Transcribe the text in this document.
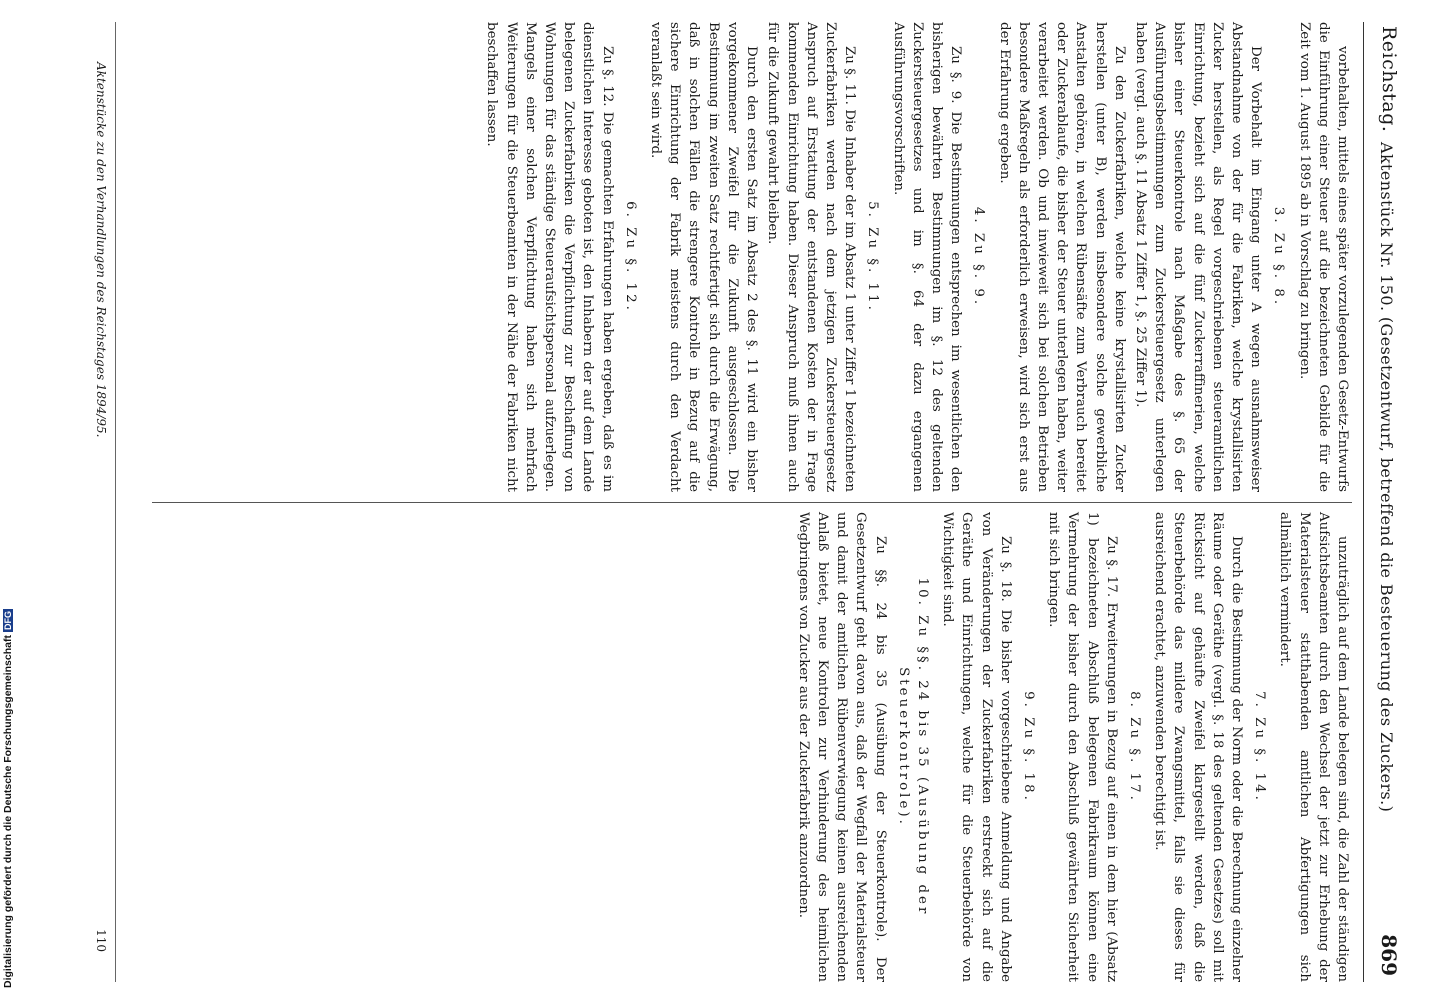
Reichstag.
Aktenstück Nr. 150. (Gesetzentwurf, betreffend die Besteuerung des Zuckers.)
869

vorbehalten, mittels eines später vorzulegenden Gesetz-Entwurfs die Einführung einer Steuer auf die bezeichneten Gebilde für die Zeit vom 1. August 1895 ab in Vorschlag zu bringen.

3. Zu §. 8.

Der Vorbehalt im Eingang unter A wegen ausnahmsweiser Abstandnahme von der für die Fabriken, welche krystallisirten Zucker herstellen, als Regel vorgeschriebenen steueramtlichen Einrichtung, bezieht sich auf die fünf Zuckerraffinerien, welche bisher einer Steuerkontrole nach Maßgabe des §. 65 der Ausführungsbestimmungen zum Zuckersteuergesetz unterlegen haben (vergl. auch §. 11 Absatz 1 Ziffer 1, §. 25 Ziffer 1).

Zu den Zuckerfabriken, welche keine krystallisirten Zucker herstellen (unter B), werden insbesondere solche gewerbliche Anstalten gehören, in welchen Rübensäfte zum Verbrauch bereitet oder Zuckerablaufe, die bisher der Steuer unterlegen haben, weiter verarbeitet werden. Ob und inwieweit sich bei solchen Betrieben besondere Maßregeln als erforderlich erweisen, wird sich erst aus der Erfahrung ergeben.

4. Zu §. 9.

Zu §. 9. Die Bestimmungen entsprechen im wesentlichen den bisherigen bewährten Bestimmungen im §. 12 des geltenden Zuckersteuergesetzes und im §. 64 der dazu ergangenen Ausführungsvorschriften.

5. Zu §. 11.

Zu §. 11. Die Inhaber der im Absatz 1 unter Ziffer 1 bezeichneten Zuckerfabriken werden nach dem jetzigen Zuckersteuergesetz Anspruch auf Erstattung der entstandenen Kosten der in Frage kommenden Einrichtung haben. Dieser Anspruch muß ihnen auch für die Zukunft gewahrt bleiben.

Durch den ersten Satz im Absatz 2 des §. 11 wird ein bisher vorgekommener Zweifel für die Zukunft ausgeschlossen. Die Bestimmung im zweiten Satz rechtfertigt sich durch die Erwägung, daß in solchen Fällen die strengere Kontrolle in Bezug auf die sichere Einrichtung der Fabrik meistens durch den Verdacht veranlaßt sein wird.

6. Zu §. 12.

Zu §. 12. Die gemachten Erfahrungen haben ergeben, daß es im dienstlichen Interesse geboten ist, den Inhabern der auf dem Lande belegenen Zuckerfabriken die Verpflichtung zur Beschaffung von Wohnungen für das ständige Steueraufsichtspersonal aufzuerlegen. Mangels einer solchen Verpflichtung haben sich mehrfach Weiterungen für die Steuerbeamten in der Nähe der Fabriken nicht beschaffen lassen.

unzuträglich auf dem Lande belegen sind, die Zahl der ständigen Aufsichtsbeamten durch den Wechsel der jetzt zur Erhebung der Materialsteuer statthabenden amtlichen Abfertigungen sich allmählich vermindert.

7. Zu §. 14.

Durch die Bestimmung der Norm oder die Berechnung einzelner Räume oder Geräthe (vergl. §. 18 des geltenden Gesetzes) soll mit Rücksicht auf gehäufte Zweifel klargestellt werden, daß die Steuerbehörde das mildere Zwangsmittel, falls sie dieses für ausreichend erachtet, anzuwenden berechtigt ist.

8. Zu §. 17.

Zu §. 17. Erweiterungen in Bezug auf einen in dem hier (Absatz 1) bezeichneten Abschluß belegenen Fabrikraum können eine Vermehrung der bisher durch den Abschluß gewährten Sicherheit mit sich bringen.

9. Zu §. 18.

Zu §. 18. Die bisher vorgeschriebene Anmeldung und Angabe von Veränderungen der Zuckerfabriken erstreckt sich auf die Geräthe und Einrichtungen, welche für die Steuerbehörde von Wichtigkeit sind.

10. Zu §§. 24 bis 35 (Ausübung der Steuerkontrole).

Zu §§. 24 bis 35 (Ausübung der Steuerkontrole). Der Gesetzentwurf geht davon aus, daß der Wegfall der Materialsteuer und damit der amtlichen Rübenverwiegung keinen ausreichenden Anlaß bietet, neue Kontrolen zur Verhinderung des heimlichen Wegbringens von Zucker aus der Zuckerfabrik anzuordnen.

Aktenstücke zu den Verhandlungen des Reichstages 1894/95.
110
Digitalisierung gefördert durch die Deutsche ForschungsgemeinschaftDFG
